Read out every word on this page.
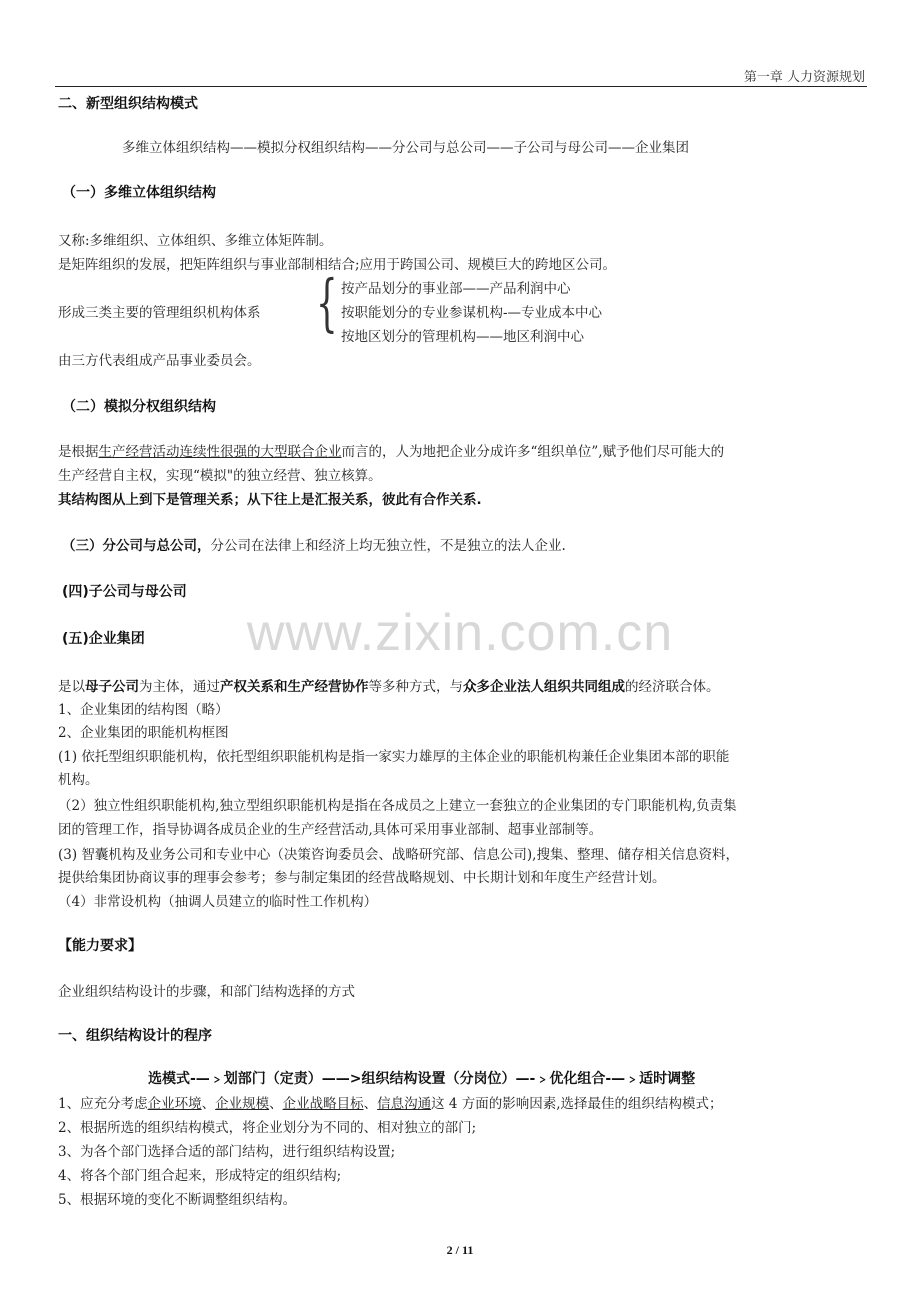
第一章 人力资源规划
二、新型组织结构模式
多维立体组织结构——模拟分权组织结构——分公司与总公司——子公司与母公司——企业集团
（一）多维立体组织结构
又称:多维组织、立体组织、多维立体矩阵制。
是矩阵组织的发展，把矩阵组织与事业部制相结合;应用于跨国公司、规模巨大的跨地区公司。
形成三类主要的管理组织机构体系 { 按产品划分的事业部——产品利润中心
按职能划分的专业参谋机构-—专业成本中心
按地区划分的管理机构——地区利润中心
由三方代表组成产品事业委员会。
（二）模拟分权组织结构
是根据生产经营活动连续性很强的大型联合企业而言的，人为地把企业分成许多“组织单位”,赋予他们尽可能大的
生产经营自主权，实现“模拟"的独立经营、独立核算。
其结构图从上到下是管理关系；从下往上是汇报关系，彼此有合作关系.
（三）分公司与总公司，分公司在法律上和经济上均无独立性，不是独立的法人企业.
(四)子公司与母公司
(五)企业集团	www.zixin.com.cn
是以母子公司为主体，通过产权关系和生产经营协作等多种方式，与众多企业法人组织共同组成的经济联合体。
1、企业集团的结构图（略）
2、企业集团的职能机构框图
(1) 依托型组织职能机构，依托型组织职能机构是指一家实力雄厚的主体企业的职能机构兼任企业集团本部的职能
机构。
（2）独立性组织职能机构,独立型组织职能机构是指在各成员之上建立一套独立的企业集团的专门职能机构,负责集
团的管理工作，指导协调各成员企业的生产经营活动,具体可采用事业部制、超事业部制等。
(3) 智囊机构及业务公司和专业中心（决策咨询委员会、战略研究部、信息公司),搜集、整理、储存相关信息资料，
提供给集团协商议事的理事会参考；参与制定集团的经营战略规划、中长期计划和年度生产经营计划。
（4）非常设机构（抽调人员建立的临时性工作机构）
【能力要求】
企业组织结构设计的步骤，和部门结构选择的方式
一、组织结构设计的程序
选模式-—﹥划部门（定责）——>组织结构设置（分岗位）—-﹥优化组合-—﹥适时调整
1、应充分考虑企业环境、企业规模、企业战略目标、信息沟通这 4 方面的影响因素,选择最佳的组织结构模式；
2、根据所选的组织结构模式，将企业划分为不同的、相对独立的部门;
3、为各个部门选择合适的部门结构，进行组织结构设置;
4、将各个部门组合起来，形成特定的组织结构;
5、根据环境的变化不断调整组织结构。
2 / 11
